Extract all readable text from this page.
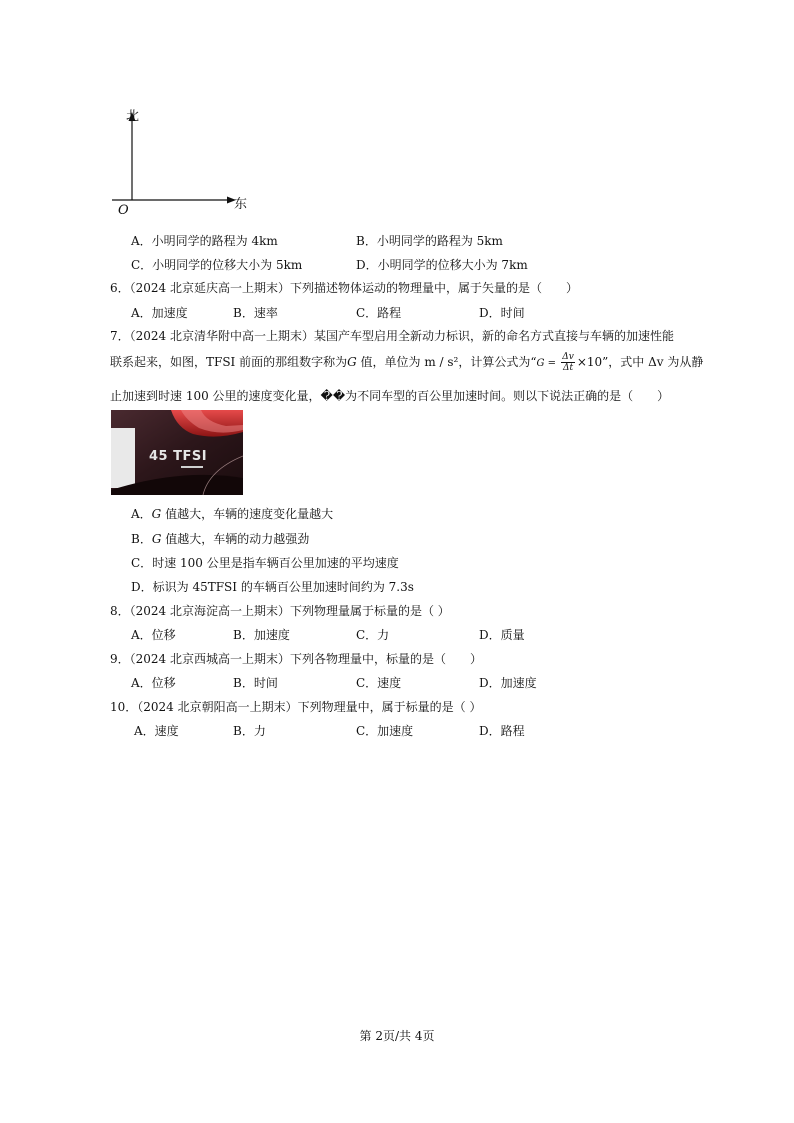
北
东
O
A．小明同学的路程为 4km	B．小明同学的路程为 5km
C．小明同学的位移大小为 5km	D．小明同学的位移大小为 7km
6．（2024 北京延庆高一上期末）下列描述物体运动的物理量中，属于矢量的是（　　）
A．加速度	B．速率	C．路程	D．时间
7．（2024 北京清华附中高一上期末）某国产车型启用全新动力标识，新的命名方式直接与车辆的加速性能
联系起来，如图，TFSI 前面的那组数字称为G 值，单位为 m / s²，计算公式为“$G = \frac{\Delta v}{\Delta t} \times 10$”，式中 Δv 为从静
止加速到时速 100 公里的速度变化量，��为不同车型的百公里加速时间。则以下说法正确的是（　　）
45 TFSI
A．G 值越大，车辆的速度变化量越大
B．G 值越大，车辆的动力越强劲
C．时速 100 公里是指车辆百公里加速的平均速度
D．标识为 45TFSI 的车辆百公里加速时间约为 7.3s
8．（2024 北京海淀高一上期末）下列物理量属于标量的是（ ）
A．位移	B．加速度	C．力	D．质量
9．（2024 北京西城高一上期末）下列各物理量中，标量的是（　　）
A．位移	B．时间	C．速度	D．加速度
10．（2024 北京朝阳高一上期末）下列物理量中，属于标量的是（ ）
A．速度	B．力	C．加速度	D．路程
第 2页/共 4页
